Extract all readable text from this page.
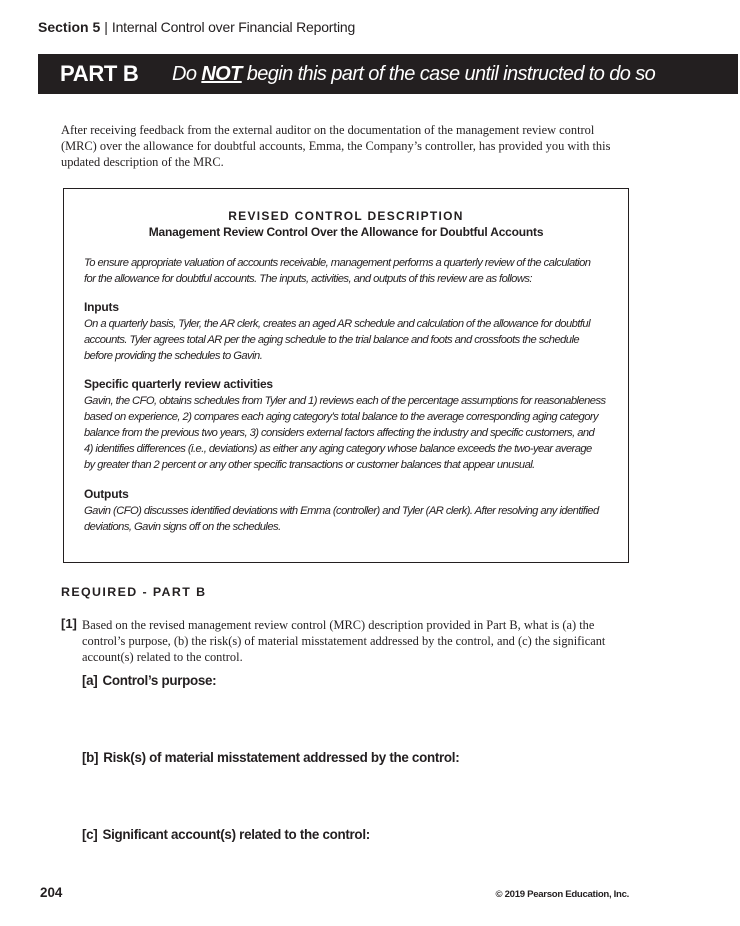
Section 5 | Internal Control over Financial Reporting
PART B Do NOT begin this part of the case until instructed to do so
After receiving feedback from the external auditor on the documentation of the management review control
(MRC) over the allowance for doubtful accounts, Emma, the Company’s controller, has provided you with this
updated description of the MRC.
REVISED CONTROL DESCRIPTION
Management Review Control Over the Allowance for Doubtful Accounts
To ensure appropriate valuation of accounts receivable, management performs a quarterly review of the calculation
for the allowance for doubtful accounts. The inputs, activities, and outputs of this review are as follows:
Inputs
On a quarterly basis, Tyler, the AR clerk, creates an aged AR schedule and calculation of the allowance for doubtful
accounts. Tyler agrees total AR per the aging schedule to the trial balance and foots and crossfoots the schedule
before providing the schedules to Gavin.
Specific quarterly review activities
Gavin, the CFO, obtains schedules from Tyler and 1) reviews each of the percentage assumptions for reasonableness
based on experience, 2) compares each aging category’s total balance to the average corresponding aging category
balance from the previous two years, 3) considers external factors affecting the industry and specific customers, and
4) identifies differences (i.e., deviations) as either any aging category whose balance exceeds the two-year average
by greater than 2 percent or any other specific transactions or customer balances that appear unusual.
Outputs
Gavin (CFO) discusses identified deviations with Emma (controller) and Tyler (AR clerk). After resolving any identified
deviations, Gavin signs off on the schedules.
REQUIRED - PART B
[1] Based on the revised management review control (MRC) description provided in Part B, what is (a) the
control’s purpose, (b) the risk(s) of material misstatement addressed by the control, and (c) the significant
account(s) related to the control.
[a] Control’s purpose:
[b] Risk(s) of material misstatement addressed by the control:
[c] Significant account(s) related to the control:
204	© 2019 Pearson Education, Inc.
